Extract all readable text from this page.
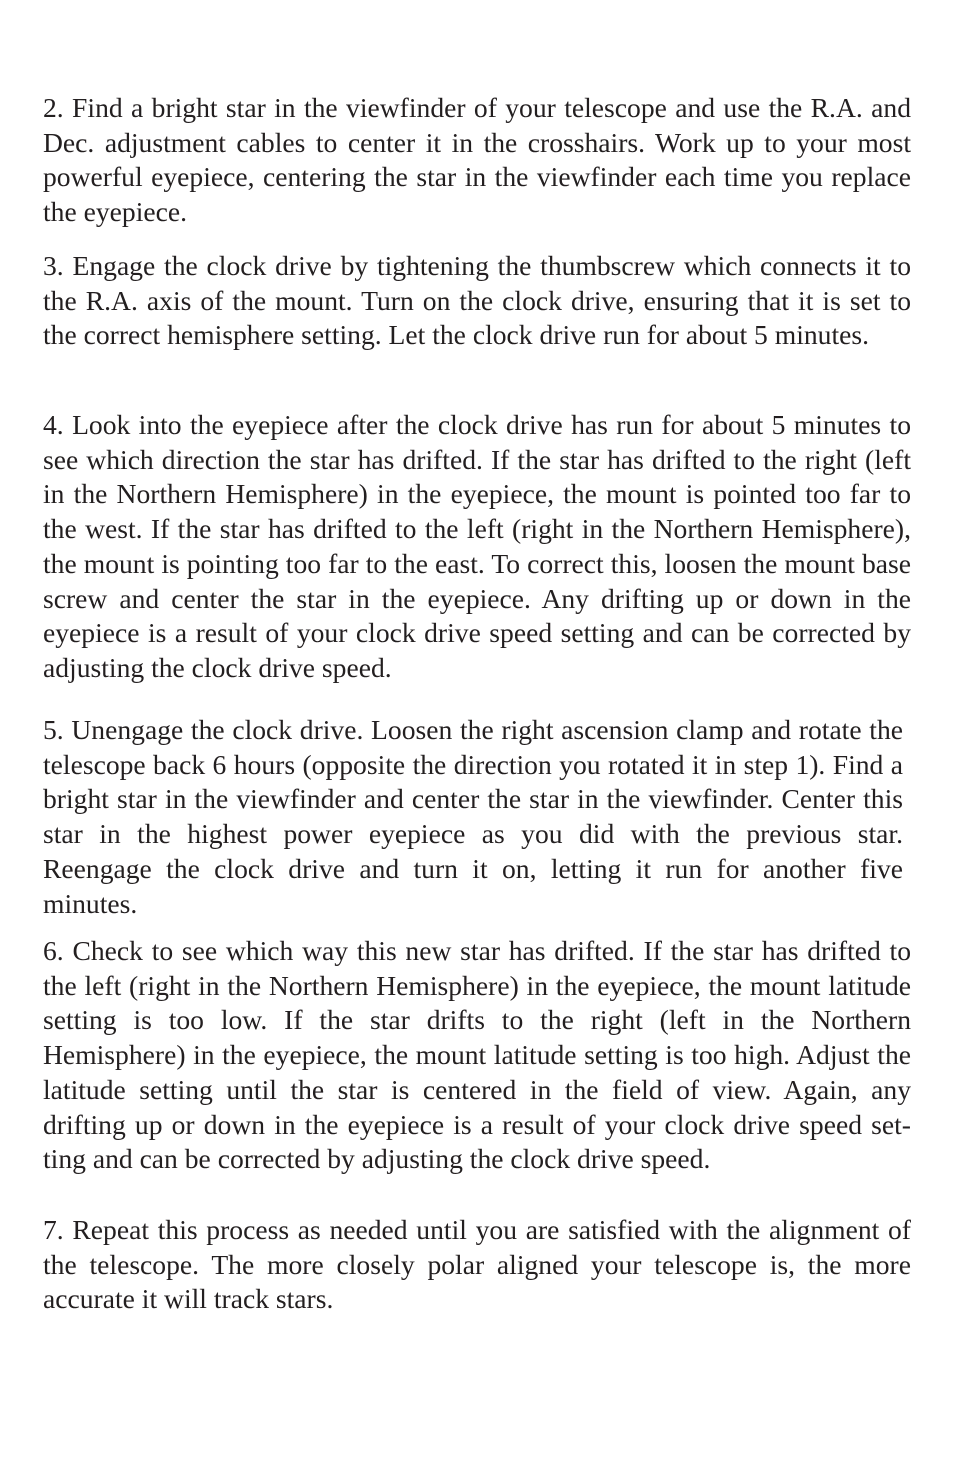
2. Find a bright star in the viewfinder of your telescope and use the R.A. and Dec. adjustment cables to center it in the crosshairs. Work up to your most powerful eyepiece, centering the star in the viewfinder each time you replace the eyepiece.

3. Engage the clock drive by tightening the thumbscrew which connects it to the R.A. axis of the mount. Turn on the clock drive, ensuring that it is set to the correct hemisphere setting. Let the clock drive run for about 5 minutes.

4. Look into the eyepiece after the clock drive has run for about 5 minutes to see which direction the star has drifted. If the star has drifted to the right (left in the Northern Hemisphere) in the eyepiece, the mount is pointed too far to the west. If the star has drifted to the left (right in the Northern Hemisphere), the mount is pointing too far to the east. To correct this, loosen the mount base screw and center the star in the eyepiece. Any drifting up or down in the eyepiece is a result of your clock drive speed setting and can be corrected by adjusting the clock drive speed.

5. Unengage the clock drive. Loosen the right ascension clamp and rotate the telescope back 6 hours (opposite the direction you rotated it in step 1). Find a bright star in the viewfinder and center the star in the viewfinder. Center this star in the highest power eyepiece as you did with the previous star. Reengage the clock drive and turn it on, letting it run for another five minutes.

6. Check to see which way this new star has drifted. If the star has drifted to the left (right in the Northern Hemisphere) in the eyepiece, the mount latitude setting is too low. If the star drifts to the right (left in the Northern Hemisphere) in the eyepiece, the mount latitude setting is too high. Adjust the latitude setting until the star is centered in the field of view. Again, any drifting up or down in the eyepiece is a result of your clock drive speed setting and can be corrected by adjusting the clock drive speed.

7. Repeat this process as needed until you are satisfied with the alignment of the telescope. The more closely polar aligned your telescope is, the more accurate it will track stars.
